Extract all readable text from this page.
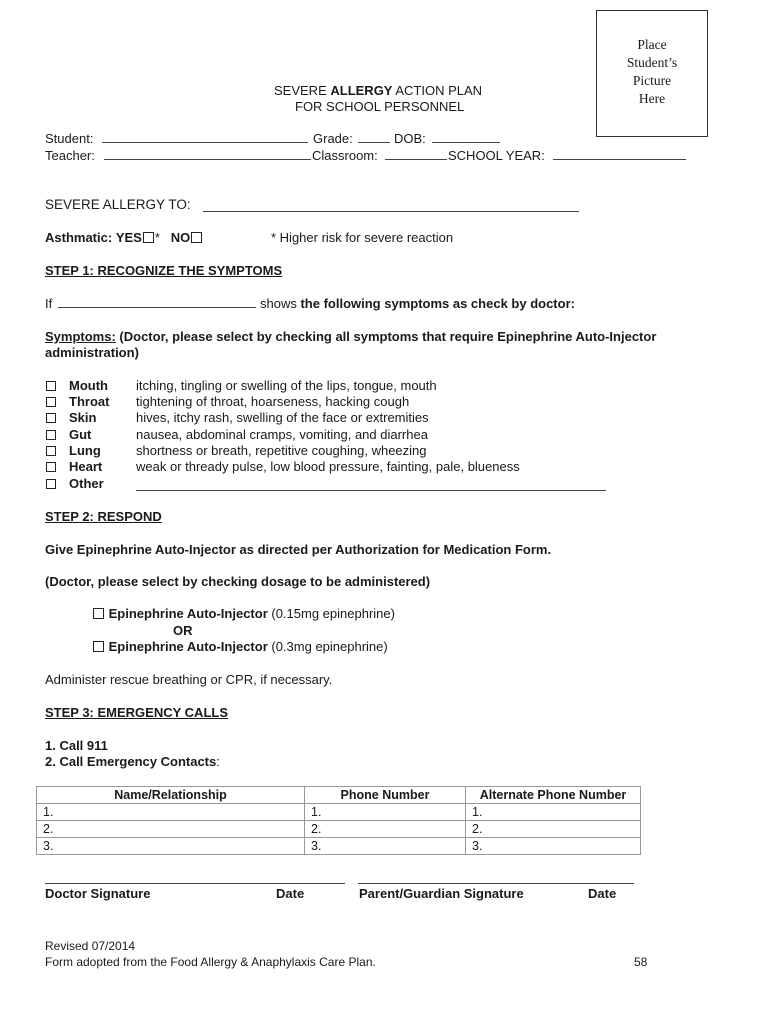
Place
Student’s
Picture
Here
SEVERE ALLERGY ACTION PLAN
FOR SCHOOL PERSONNEL
Student:	Grade:	DOB:
Teacher:	Classroom:	SCHOOL YEAR:
SEVERE ALLERGY TO:
Asthmatic: YES * NO	* Higher risk for severe reaction
STEP 1: RECOGNIZE THE SYMPTOMS
If	shows the following symptoms as check by doctor:
Symptoms: (Doctor, please select by checking all symptoms that require Epinephrine Auto-Injector
administration)
Mouth itching, tingling or swelling of the lips, tongue, mouth
Throat tightening of throat, hoarseness, hacking cough
Skin	hives, itchy rash, swelling of the face or extremities
Gut	nausea, abdominal cramps, vomiting, and diarrhea
Lung	shortness or breath, repetitive coughing, wheezing
Heart	weak or thready pulse, low blood pressure, fainting, pale, blueness
Other
STEP 2: RESPOND
Give Epinephrine Auto-Injector as directed per Authorization for Medication Form.
(Doctor, please select by checking dosage to be administered)
Epinephrine Auto-Injector (0.15mg epinephrine)
OR
Epinephrine Auto-Injector (0.3mg epinephrine)
Administer rescue breathing or CPR, if necessary.
STEP 3: EMERGENCY CALLS
1. Call 911
2. Call Emergency Contacts:
Name/Relationship	Phone Number	Alternate Phone Number
1.	1.	1.
2.	2.	2.
3.	3.	3.
Doctor Signature	Date	Parent/Guardian Signature	Date
Revised 07/2014
Form adopted from the Food Allergy & Anaphylaxis Care Plan.	58
